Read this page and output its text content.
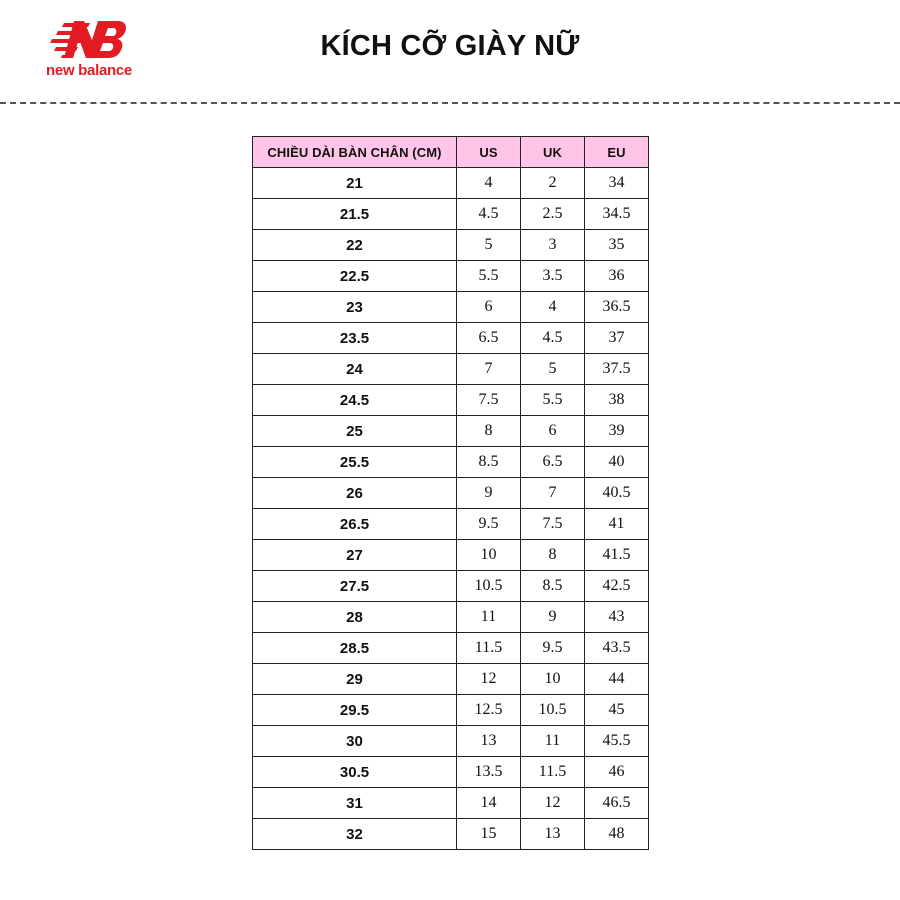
new balance
KÍCH CỠ GIÀY NỮ
CHIỀU DÀI BÀN CHÂN (CM)	US	UK	EU
21	4	2	34
21.5	4.5	2.5	34.5
22	5	3	35
22.5	5.5	3.5	36
23	6	4	36.5
23.5	6.5	4.5	37
24	7	5	37.5
24.5	7.5	5.5	38
25	8	6	39
25.5	8.5	6.5	40
26	9	7	40.5
26.5	9.5	7.5	41
27	10	8	41.5
27.5	10.5	8.5	42.5
28	11	9	43
28.5	11.5	9.5	43.5
29	12	10	44
29.5	12.5	10.5	45
30	13	11	45.5
30.5	13.5	11.5	46
31	14	12	46.5
32	15	13	48
